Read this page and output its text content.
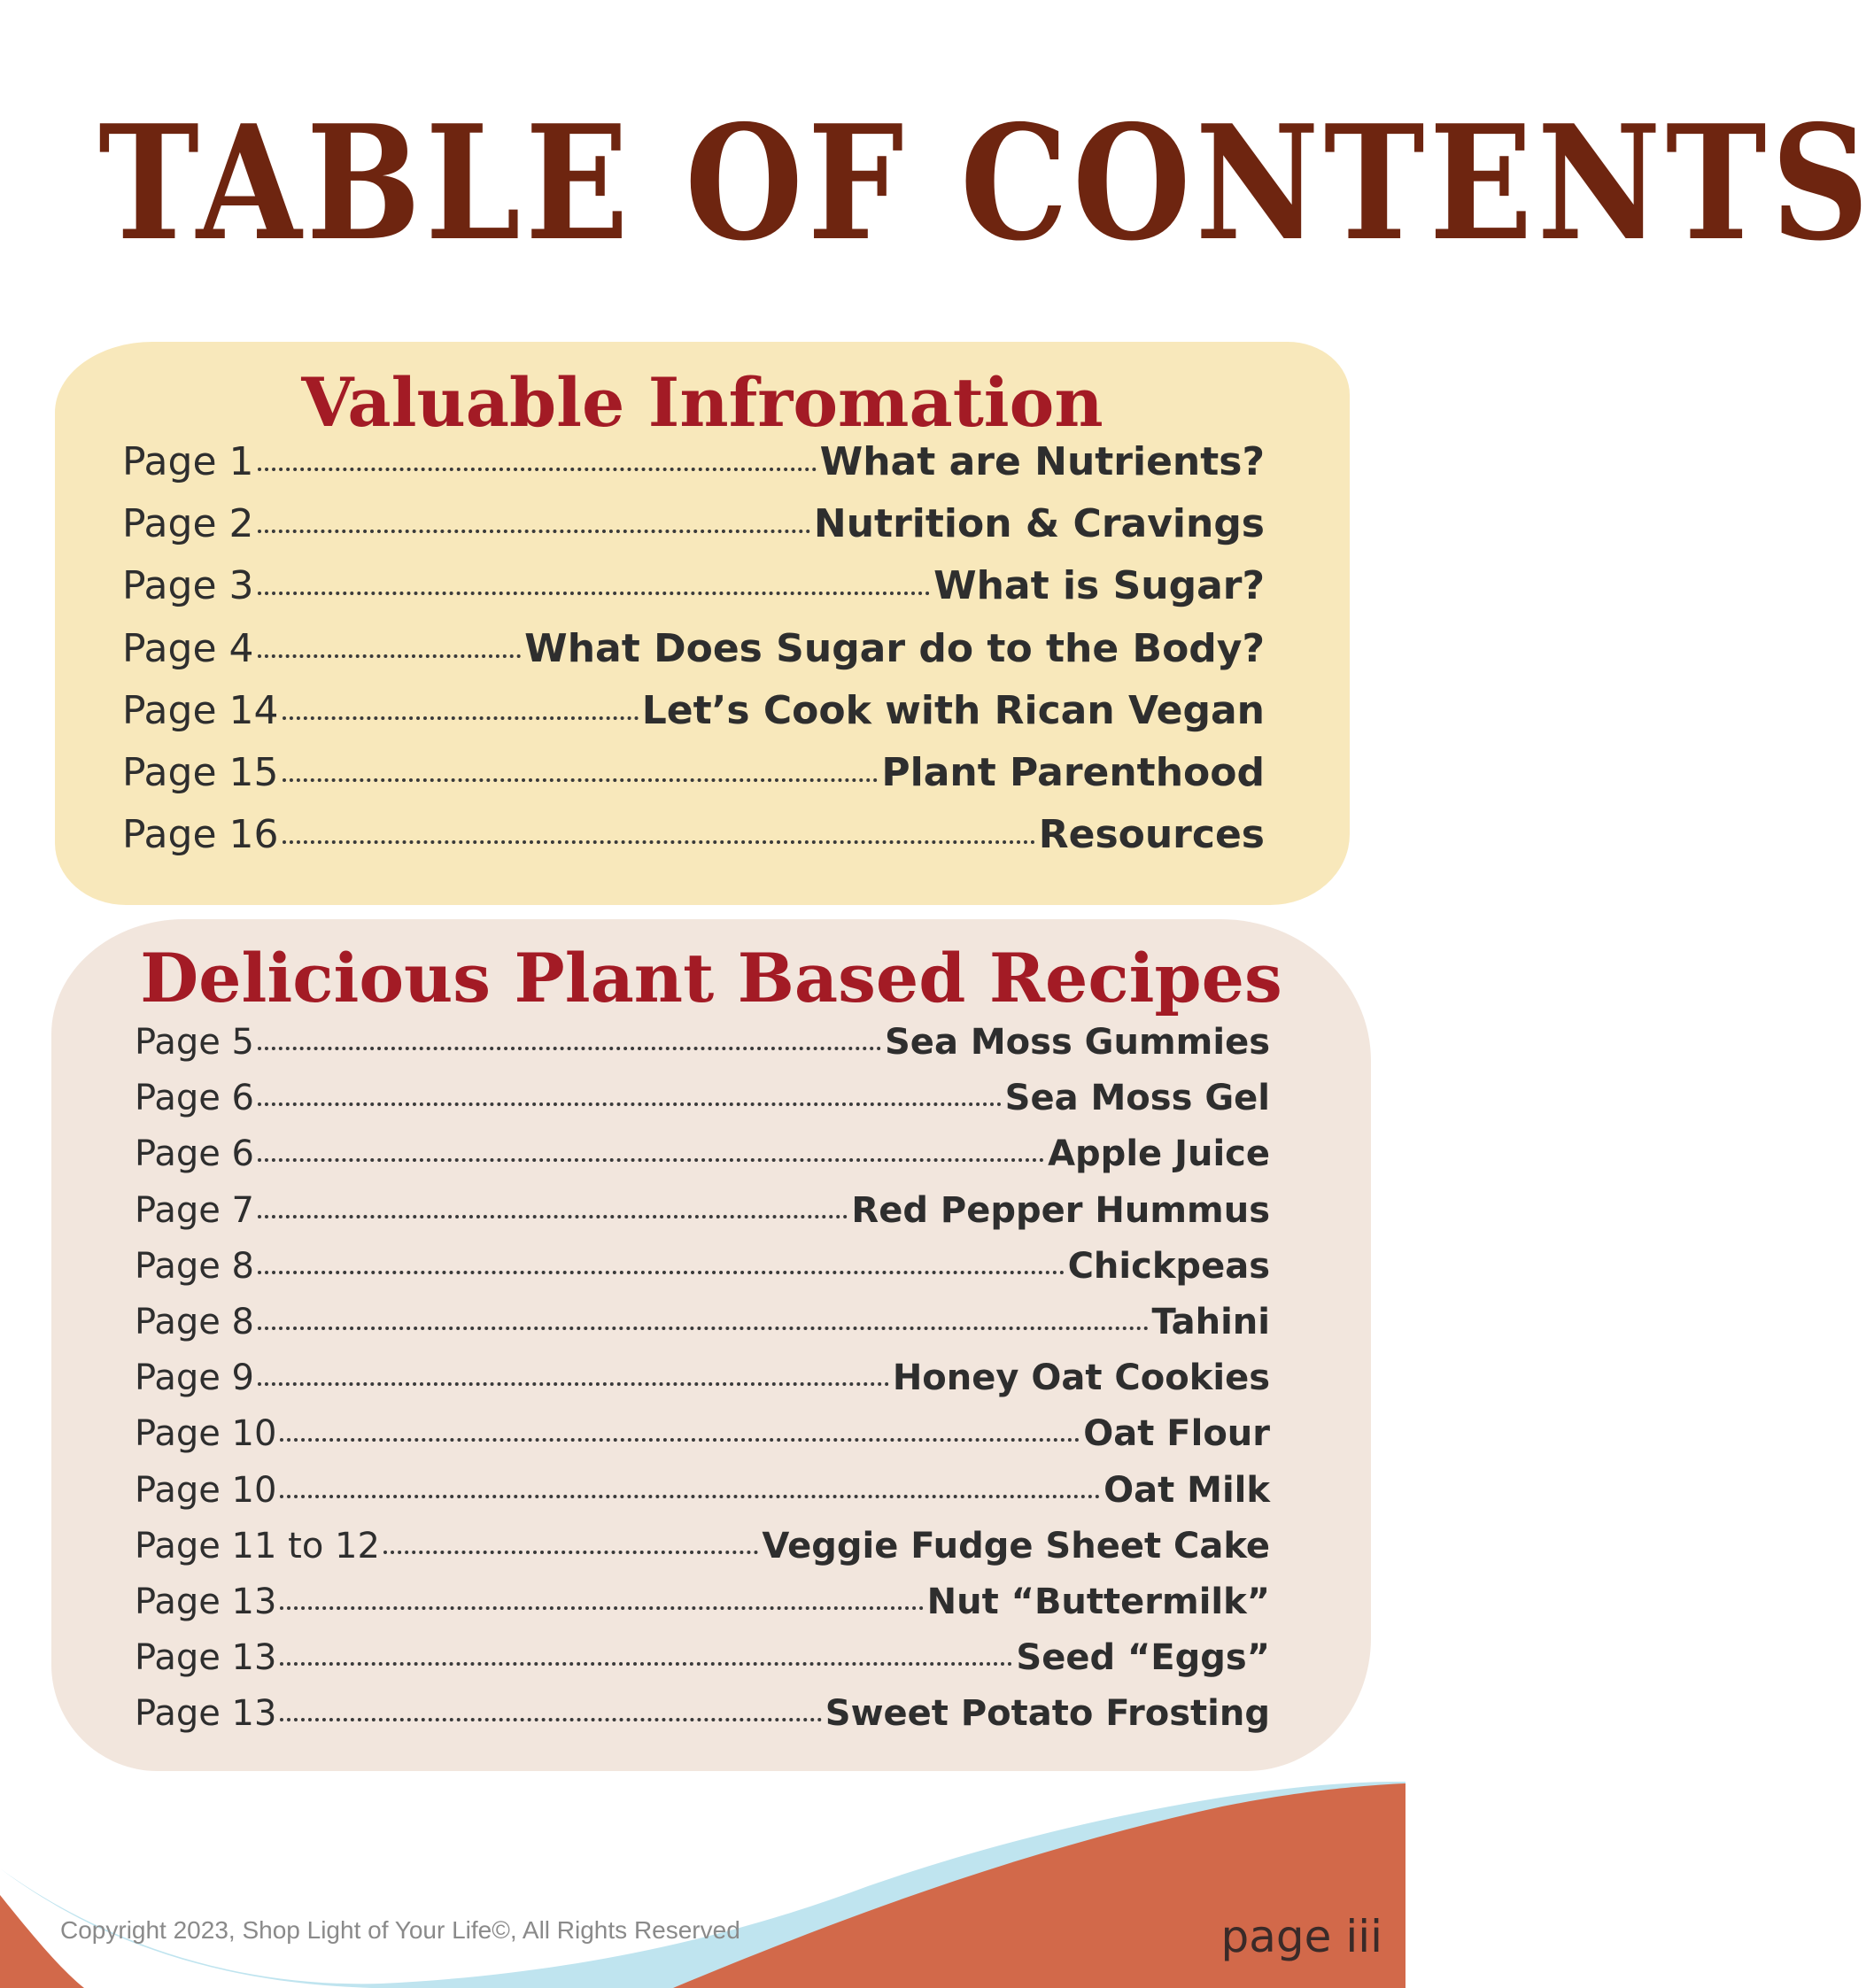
TABLE OF CONTENTS
Valuable Infromation
Page 1	What are Nutrients?
Page 2	Nutrition & Cravings
Page 3	What is Sugar?
Page 4	What Does Sugar do to the Body?
Page 14	Let’s Cook with Rican Vegan
Page 15	Plant Parenthood
Page 16	Resources
Delicious Plant Based Recipes
Page 5	Sea Moss Gummies
Page 6	Sea Moss Gel
Page 6	Apple Juice
Page 7	Red Pepper Hummus
Page 8	Chickpeas
Page 8	Tahini
Page 9	Honey Oat Cookies
Page 10	Oat Flour
Page 10	Oat Milk
Page 11 to 12	Veggie Fudge Sheet Cake
Page 13	Nut “Buttermilk”
Page 13	Seed “Eggs”
Page 13	Sweet Potato Frosting
Copyright 2023, Shop Light of Your Life©, All Rights Reserved	page iii
